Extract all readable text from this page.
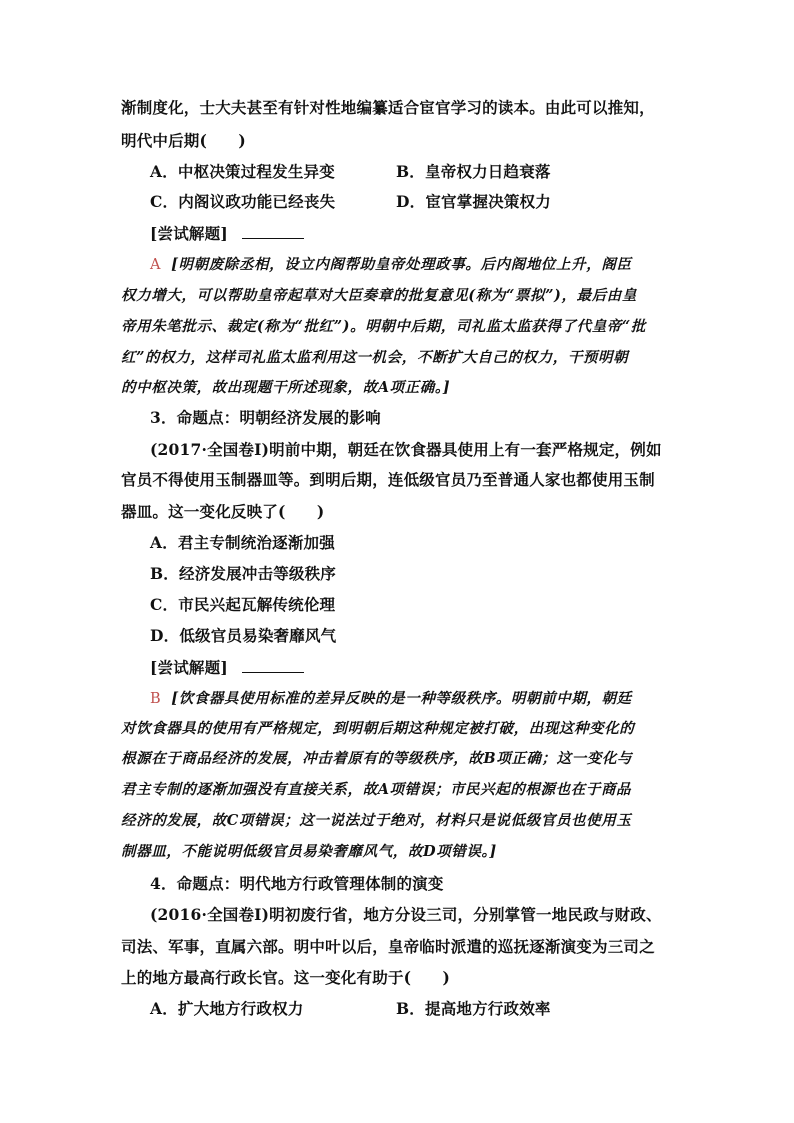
渐制度化，士大夫甚至有针对性地编纂适合宦官学习的读本。由此可以推知，
明代中后期(　　)
A．中枢决策过程发生异变	B．皇帝权力日趋衰落
C．内阁议政功能已经丧失	D．宦官掌握决策权力
[尝试解题]
A [明朝废除丞相，设立内阁帮助皇帝处理政事。后内阁地位上升，阁臣
权力增大，可以帮助皇帝起草对大臣奏章的批复意见(称为“票拟”)，最后由皇
帝用朱笔批示、裁定(称为“批红”)。明朝中后期，司礼监太监获得了代皇帝“批
红”的权力，这样司礼监太监利用这一机会，不断扩大自己的权力，干预明朝
的中枢决策，故出现题干所述现象，故A项正确。]
3．命题点：明朝经济发展的影响
(2017·全国卷Ⅰ)明前中期，朝廷在饮食器具使用上有一套严格规定，例如
官员不得使用玉制器皿等。到明后期，连低级官员乃至普通人家也都使用玉制
器皿。这一变化反映了(　　)
A．君主专制统治逐渐加强
B．经济发展冲击等级秩序
C．市民兴起瓦解传统伦理
D．低级官员易染奢靡风气
[尝试解题]
B [饮食器具使用标准的差异反映的是一种等级秩序。明朝前中期，朝廷
对饮食器具的使用有严格规定，到明朝后期这种规定被打破，出现这种变化的
根源在于商品经济的发展，冲击着原有的等级秩序，故B项正确；这一变化与
君主专制的逐渐加强没有直接关系，故A项错误；市民兴起的根源也在于商品
经济的发展，故C项错误；这一说法过于绝对，材料只是说低级官员也使用玉
制器皿，不能说明低级官员易染奢靡风气，故D项错误。]
4．命题点：明代地方行政管理体制的演变
(2016·全国卷Ⅰ)明初废行省，地方分设三司，分别掌管一地民政与财政、
司法、军事，直属六部。明中叶以后，皇帝临时派遣的巡抚逐渐演变为三司之
上的地方最高行政长官。这一变化有助于(　　)
A．扩大地方行政权力	B．提高地方行政效率
